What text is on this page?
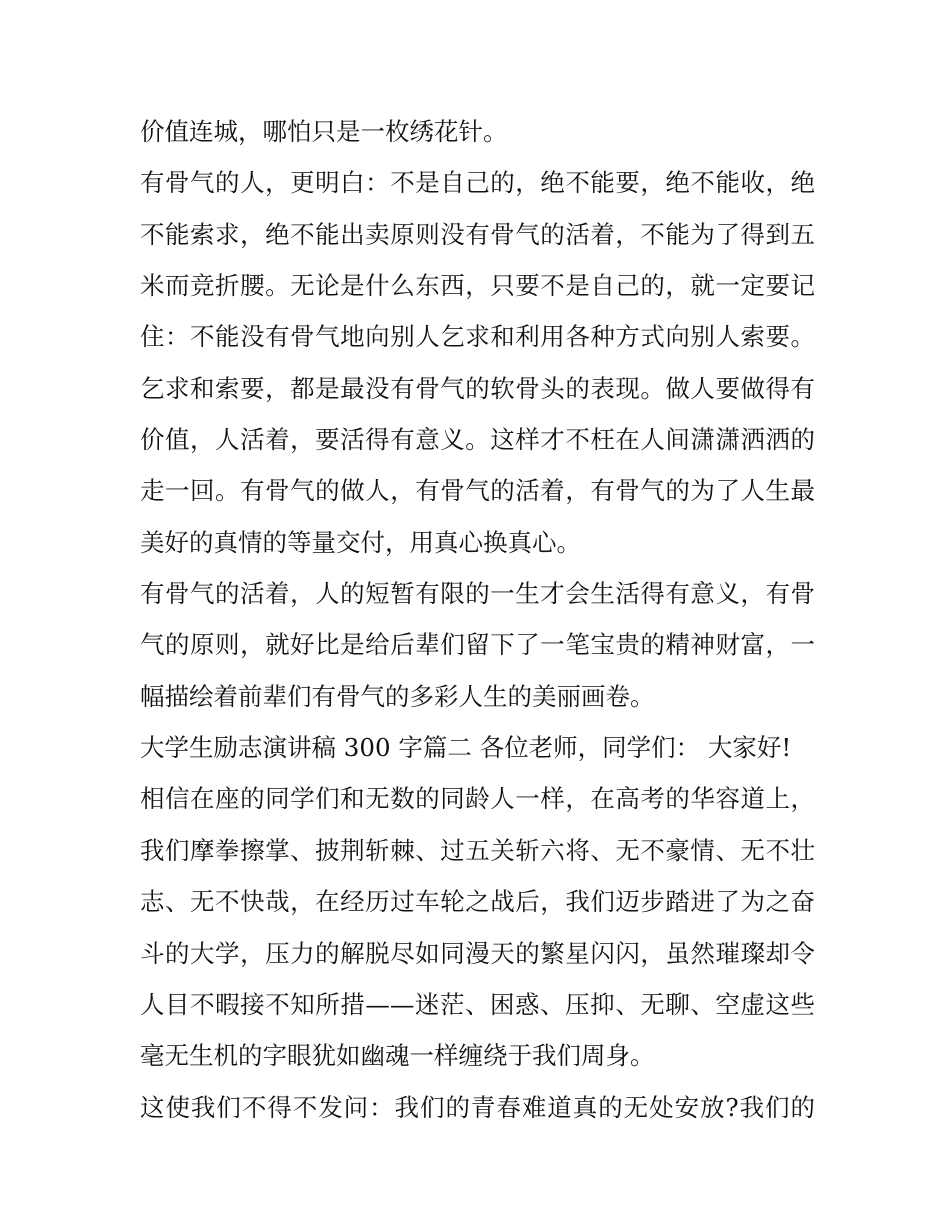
价值连城，哪怕只是一枚绣花针。
有骨气的人，更明白：不是自己的，绝不能要，绝不能收，绝
不能索求，绝不能出卖原则没有骨气的活着，不能为了得到五
米而竞折腰。无论是什么东西，只要不是自己的，就一定要记
住：不能没有骨气地向别人乞求和利用各种方式向别人索要。
乞求和索要，都是最没有骨气的软骨头的表现。做人要做得有
价值，人活着，要活得有意义。这样才不枉在人间潇潇洒洒的
走一回。有骨气的做人，有骨气的活着，有骨气的为了人生最
美好的真情的等量交付，用真心换真心。
有骨气的活着，人的短暂有限的一生才会生活得有意义，有骨
气的原则，就好比是给后辈们留下了一笔宝贵的精神财富，一
幅描绘着前辈们有骨气的多彩人生的美丽画卷。
大学生励志演讲稿 300 字篇二 各位老师，同学们： 大家好!
相信在座的同学们和无数的同龄人一样，在高考的华容道上，
我们摩拳擦掌、披荆斩棘、过五关斩六将、无不豪情、无不壮
志、无不快哉，在经历过车轮之战后，我们迈步踏进了为之奋
斗的大学，压力的解脱尽如同漫天的繁星闪闪，虽然璀璨却令
人目不暇接不知所措——迷茫、困惑、压抑、无聊、空虚这些
毫无生机的字眼犹如幽魂一样缠绕于我们周身。
这使我们不得不发问：我们的青春难道真的无处安放?我们的
